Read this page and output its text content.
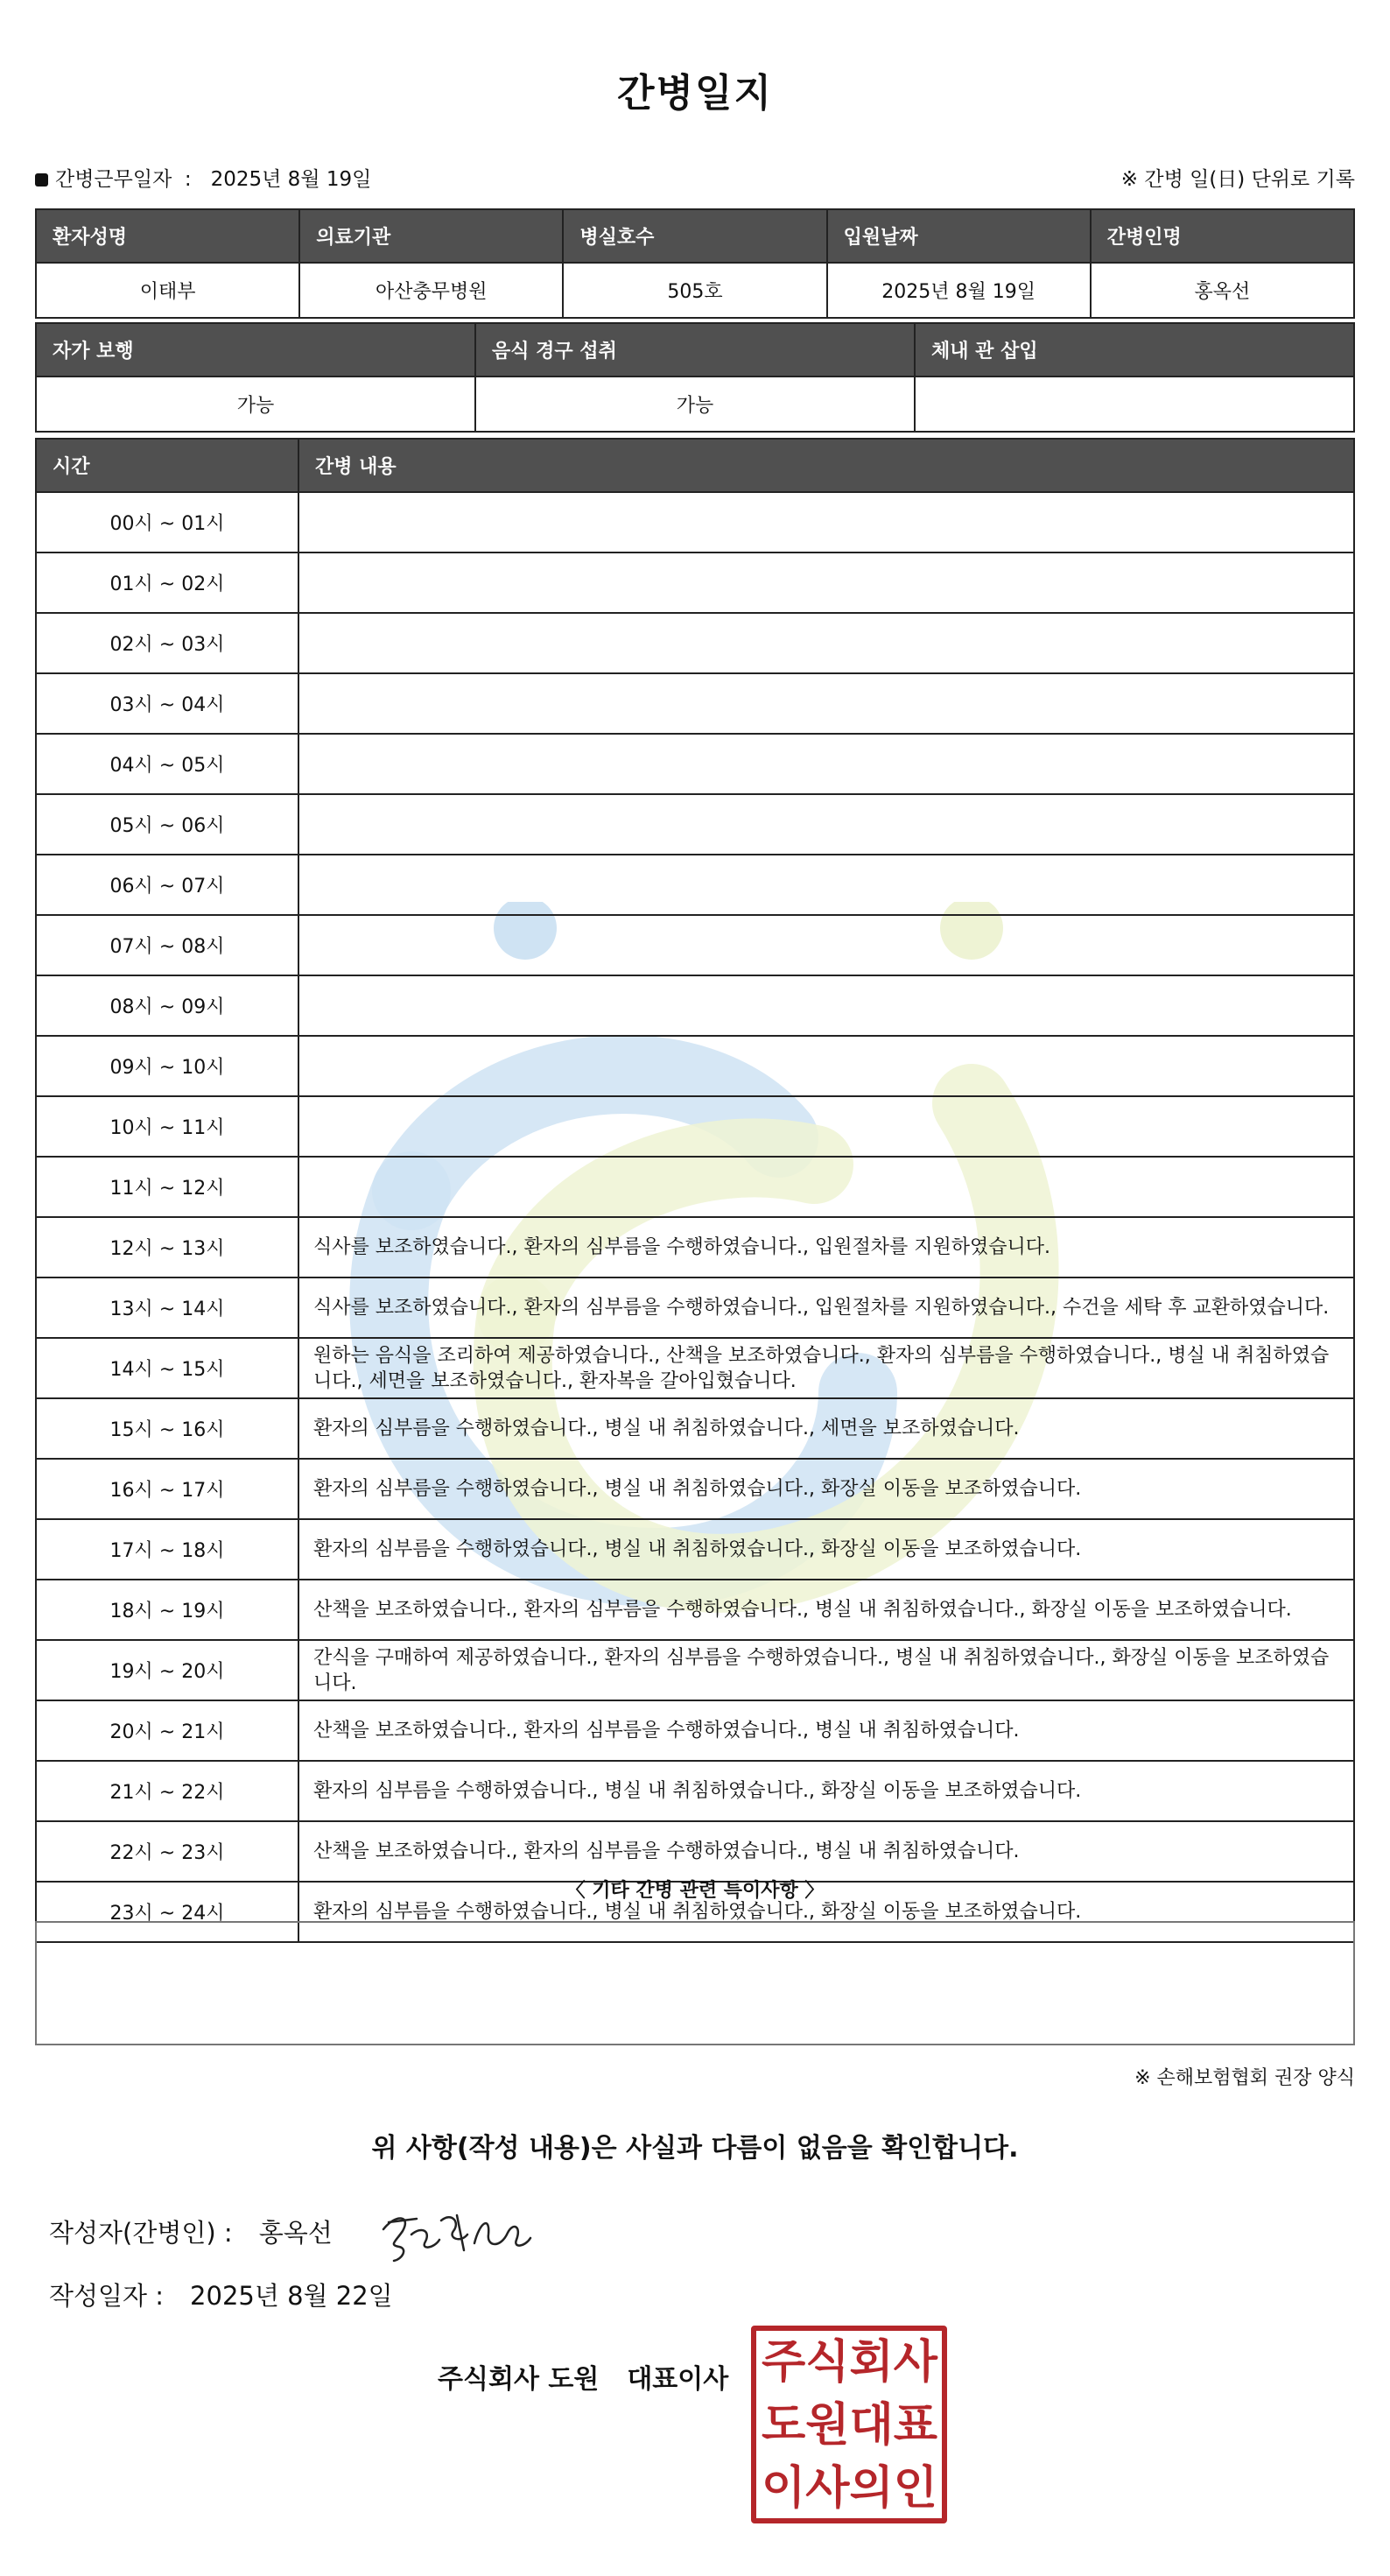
간병일지
간병근무일자  :   2025년 8월 19일	※ 간병 일(日) 단위로 기록
환자성명	의료기관	병실호수	입원날짜	간병인명
이태부	아산충무병원	505호	2025년 8월 19일	홍옥선
자가 보행	음식 경구 섭취	체내 관 삽입
가능	가능	
시간	간병 내용
00시 ~ 01시	
01시 ~ 02시	
02시 ~ 03시	
03시 ~ 04시	
04시 ~ 05시	
05시 ~ 06시	
06시 ~ 07시	
07시 ~ 08시	
08시 ~ 09시	
09시 ~ 10시	
10시 ~ 11시	
11시 ~ 12시	
12시 ~ 13시	식사를 보조하였습니다., 환자의 심부름을 수행하였습니다., 입원절차를 지원하였습니다.
13시 ~ 14시	식사를 보조하였습니다., 환자의 심부름을 수행하였습니다., 입원절차를 지원하였습니다., 수건을 세탁 후 교환하였습니다.
14시 ~ 15시	원하는 음식을 조리하여 제공하였습니다., 산책을 보조하였습니다., 환자의 심부름을 수행하였습니다., 병실 내 취침하였습니다., 세면을 보조하였습니다., 환자복을 갈아입혔습니다.
15시 ~ 16시	환자의 심부름을 수행하였습니다., 병실 내 취침하였습니다., 세면을 보조하였습니다.
16시 ~ 17시	환자의 심부름을 수행하였습니다., 병실 내 취침하였습니다., 화장실 이동을 보조하였습니다.
17시 ~ 18시	환자의 심부름을 수행하였습니다., 병실 내 취침하였습니다., 화장실 이동을 보조하였습니다.
18시 ~ 19시	산책을 보조하였습니다., 환자의 심부름을 수행하였습니다., 병실 내 취침하였습니다., 화장실 이동을 보조하였습니다.
19시 ~ 20시	간식을 구매하여 제공하였습니다., 환자의 심부름을 수행하였습니다., 병실 내 취침하였습니다., 화장실 이동을 보조하였습니다.
20시 ~ 21시	산책을 보조하였습니다., 환자의 심부름을 수행하였습니다., 병실 내 취침하였습니다.
21시 ~ 22시	환자의 심부름을 수행하였습니다., 병실 내 취침하였습니다., 화장실 이동을 보조하였습니다.
22시 ~ 23시	산책을 보조하였습니다., 환자의 심부름을 수행하였습니다., 병실 내 취침하였습니다.
23시 ~ 24시	환자의 심부름을 수행하였습니다., 병실 내 취침하였습니다., 화장실 이동을 보조하였습니다.
〈 기타 간병 관련 특이사항 〉
※ 손해보험협회 권장 양식
위 사항(작성 내용)은 사실과 다름이 없음을 확인합니다.
작성자(간병인) : 홍옥선
작성일자 : 2025년 8월 22일
주식회사 도원 대표이사 주 식 회 사
도 원 대 표
이 사 의 인
